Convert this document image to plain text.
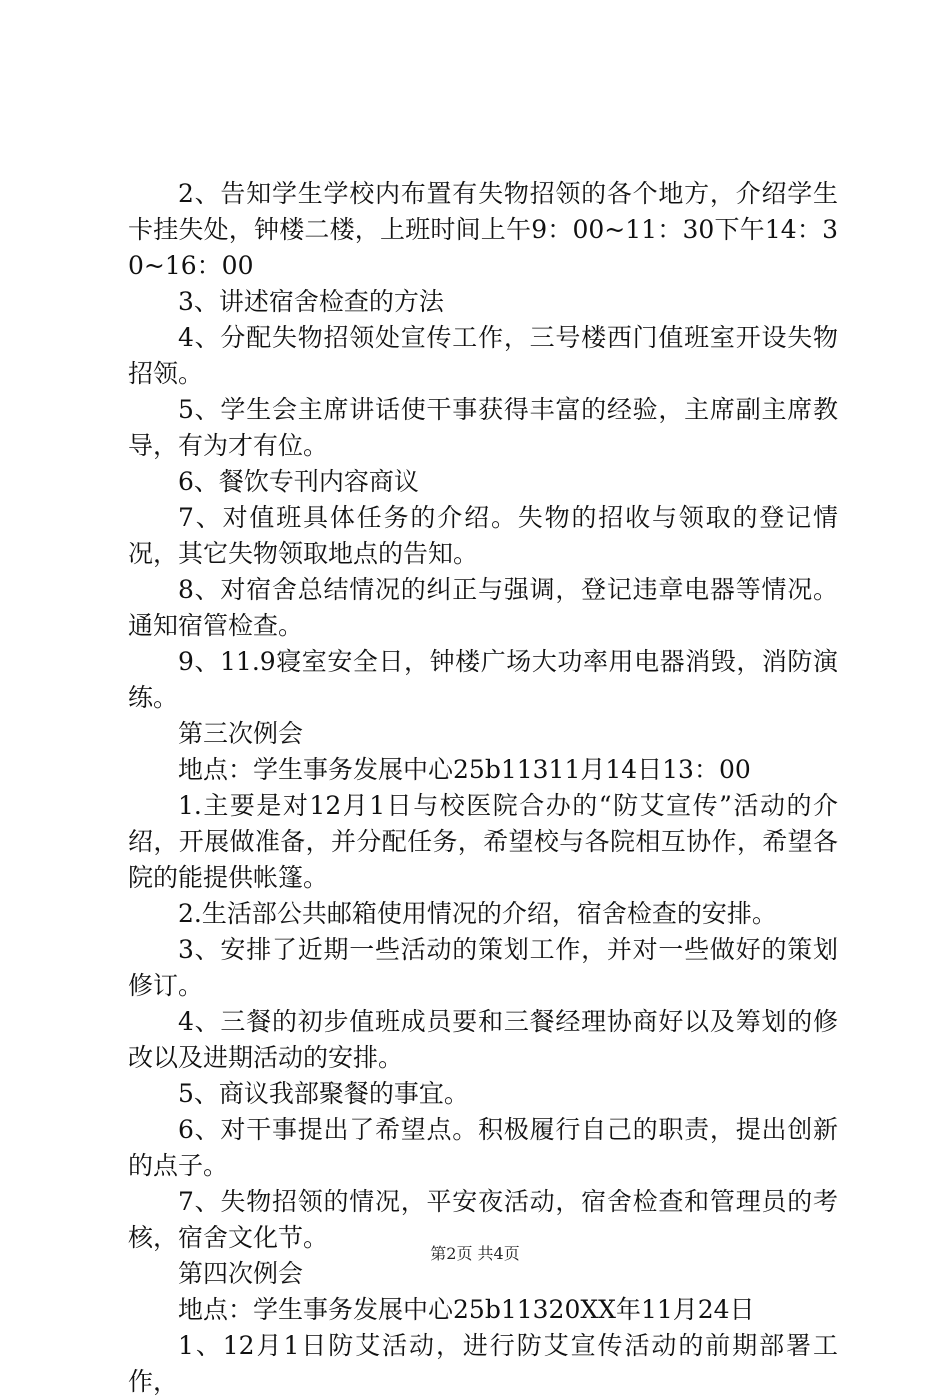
2、告知学生学校内布置有失物招领的各个地方，介绍学生卡挂失处，钟楼二楼，上班时间上午9：00~11：30下午14：30~16：00

3、讲述宿舍检查的方法

4、分配失物招领处宣传工作，三号楼西门值班室开设失物招领。

5、学生会主席讲话使干事获得丰富的经验，主席副主席教导，有为才有位。

6、餐饮专刊内容商议

7、对值班具体任务的介绍。失物的招收与领取的登记情况，其它失物领取地点的告知。

8、对宿舍总结情况的纠正与强调，登记违章电器等情况。通知宿管检查。

9、11.9寝室安全日，钟楼广场大功率用电器消毁，消防演练。

第三次例会

地点：学生事务发展中心25b11311月14日13：00

1.主要是对12月1日与校医院合办的“防艾宣传”活动的介绍，开展做准备，并分配任务，希望校与各院相互协作，希望各院的能提供帐篷。

2.生活部公共邮箱使用情况的介绍，宿舍检查的安排。

3、安排了近期一些活动的策划工作，并对一些做好的策划修订。

4、三餐的初步值班成员要和三餐经理协商好以及筹划的修改以及进期活动的安排。

5、商议我部聚餐的事宜。

6、对干事提出了希望点。积极履行自己的职责，提出创新的点子。

7、失物招领的情况，平安夜活动，宿舍检查和管理员的考核，宿舍文化节。

第四次例会

地点：学生事务发展中心25b11320XX年11月24日

1、12月1日防艾活动，进行防艾宣传活动的前期部署工作，

第2页 共4页
